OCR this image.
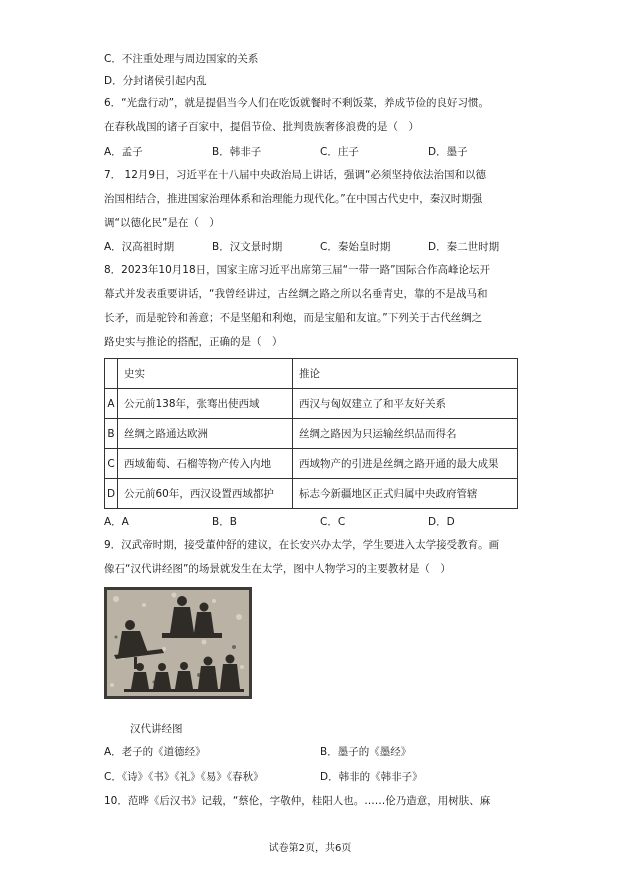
C．不注重处理与周边国家的关系
D．分封诸侯引起内乱
6．“光盘行动”，就是提倡当今人们在吃饭就餐时不剩饭菜，养成节俭的良好习惯。
在春秋战国的诸子百家中，提倡节俭、批判贵族奢侈浪费的是（　）
A．孟子	B．韩非子	C．庄子	D．墨子
7． 12月9日，习近平在十八届中央政治局上讲话，强调“必须坚持依法治国和以德
治国相结合，推进国家治理体系和治理能力现代化。”在中国古代史中，秦汉时期强
调“以德化民”是在（　）
A．汉高祖时期	B．汉文景时期	C．秦始皇时期	D．秦二世时期
8．2023年10月18日，国家主席习近平出席第三届“一带一路”国际合作高峰论坛开
幕式并发表重要讲话，“我曾经讲过，古丝绸之路之所以名垂青史，靠的不是战马和
长矛，而是驼铃和善意；不是坚船和利炮，而是宝船和友谊。”下列关于古代丝绸之
路史实与推论的搭配，正确的是（　）
	史实	推论
A	公元前138年，张骞出使西域	西汉与匈奴建立了和平友好关系
B	丝绸之路通达欧洲	丝绸之路因为只运输丝织品而得名
C	西域葡萄、石榴等物产传入内地	西域物产的引进是丝绸之路开通的最大成果
D	公元前60年，西汉设置西域都护	标志今新疆地区正式归属中央政府管辖
A．A	B．B	C．C	D．D
9．汉武帝时期，接受董仲舒的建议，在长安兴办太学，学生要进入太学接受教育。画
像石“汉代讲经图”的场景就发生在太学，图中人物学习的主要教材是（　）
汉代讲经图
A．老子的《道德经》	B．墨子的《墨经》
C．《诗》《书》《礼》《易》《春秋》	D．韩非的《韩非子》
10．范晔《后汉书》记载，“蔡伦，字敬仲，桂阳人也。……伦乃造意，用树肤、麻
试卷第2页，共6页
